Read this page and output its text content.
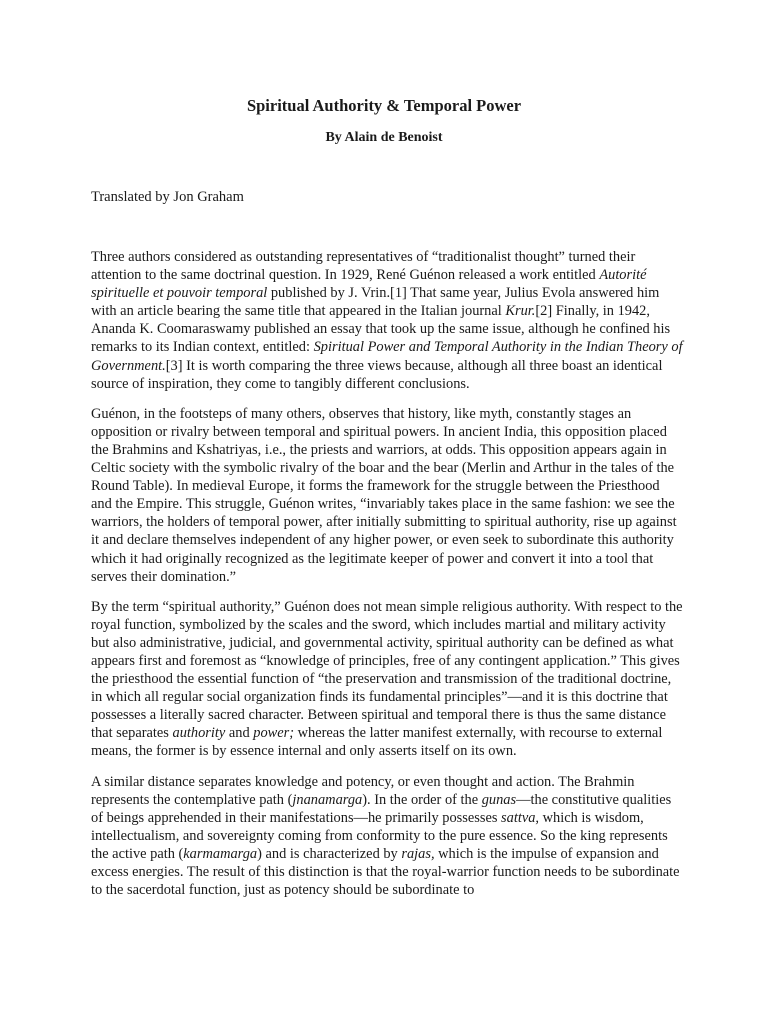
Spiritual Authority & Temporal Power
By Alain de Benoist
Translated by Jon Graham

Three authors considered as outstanding representatives of “traditionalist thought” turned their attention to the same doctrinal question. In 1929, René Guénon released a work entitled Autorité spirituelle et pouvoir temporal published by J. Vrin.[1] That same year, Julius Evola answered him with an article bearing the same title that appeared in the Italian journal Krur.[2] Finally, in 1942, Ananda K. Coomaraswamy published an essay that took up the same issue, although he confined his remarks to its Indian context, entitled: Spiritual Power and Temporal Authority in the Indian Theory of Government.[3] It is worth comparing the three views because, although all three boast an identical source of inspiration, they come to tangibly different conclusions.

Guénon, in the footsteps of many others, observes that history, like myth, constantly stages an opposition or rivalry between temporal and spiritual powers. In ancient India, this opposition placed the Brahmins and Kshatriyas, i.e., the priests and warriors, at odds. This opposition appears again in Celtic society with the symbolic rivalry of the boar and the bear (Merlin and Arthur in the tales of the Round Table). In medieval Europe, it forms the framework for the struggle between the Priesthood and the Empire. This struggle, Guénon writes, “invariably takes place in the same fashion: we see the warriors, the holders of temporal power, after initially submitting to spiritual authority, rise up against it and declare themselves independent of any higher power, or even seek to subordinate this authority which it had originally recognized as the legitimate keeper of power and convert it into a tool that serves their domination.”

By the term “spiritual authority,” Guénon does not mean simple religious authority. With respect to the royal function, symbolized by the scales and the sword, which includes martial and military activity but also administrative, judicial, and governmental activity, spiritual authority can be defined as what appears first and foremost as “knowledge of principles, free of any contingent application.” This gives the priesthood the essential function of “the preservation and transmission of the traditional doctrine, in which all regular social organization finds its fundamental principles”—and it is this doctrine that possesses a literally sacred character. Between spiritual and temporal there is thus the same distance that separates authority and power; whereas the latter manifest externally, with recourse to external means, the former is by essence internal and only asserts itself on its own.

A similar distance separates knowledge and potency, or even thought and action. The Brahmin represents the contemplative path (jnanamarga). In the order of the gunas—the constitutive qualities of beings apprehended in their manifestations—he primarily possesses sattva, which is wisdom, intellectualism, and sovereignty coming from conformity to the pure essence. So the king represents the active path (karmamarga) and is characterized by rajas, which is the impulse of expansion and excess energies. The result of this distinction is that the royal-warrior function needs to be subordinate to the sacerdotal function, just as potency should be subordinate to
